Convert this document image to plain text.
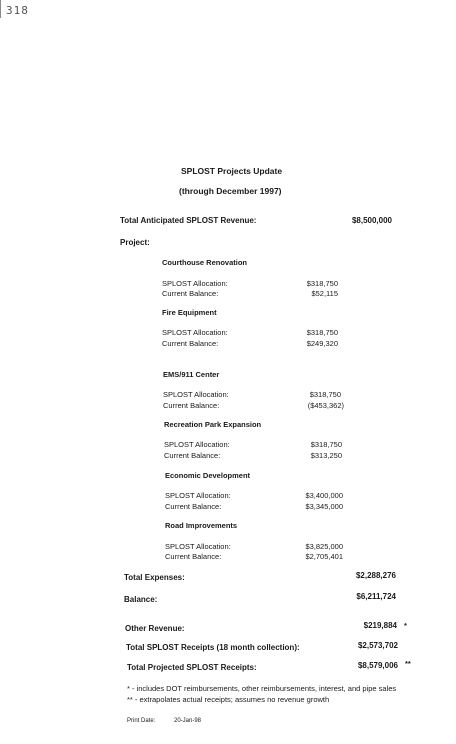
318
SPLOST Projects Update
(through December 1997)
Total Anticipated SPLOST Revenue:	$8,500,000
Project:
Courthouse Renovation
SPLOST Allocation:	$318,750
Current Balance:	$52,115
Fire Equipment
SPLOST Allocation:	$318,750
Current Balance:	$249,320
EMS/911 Center
SPLOST Allocation:	$318,750
Current Balance:	($453,362)
Recreation Park Expansion
SPLOST Allocation:	$318,750
Current Balance:	$313,250
Economic Development
SPLOST Allocation:	$3,400,000
Current Balance:	$3,345,000
Road Improvements
SPLOST Allocation:	$3,825,000
Current Balance:	$2,705,401
Total Expenses:	$2,288,276
Balance:	$6,211,724
Other Revenue:	$219,884 *
Total SPLOST Receipts (18 month collection):	$2,573,702
Total Projected SPLOST Receipts:	$8,579,006 **
* - includes DOT reimbursements, other reimbursements, interest, and pipe sales
** - extrapolates actual receipts; assumes no revenue growth
Print Date:	20-Jan-98
